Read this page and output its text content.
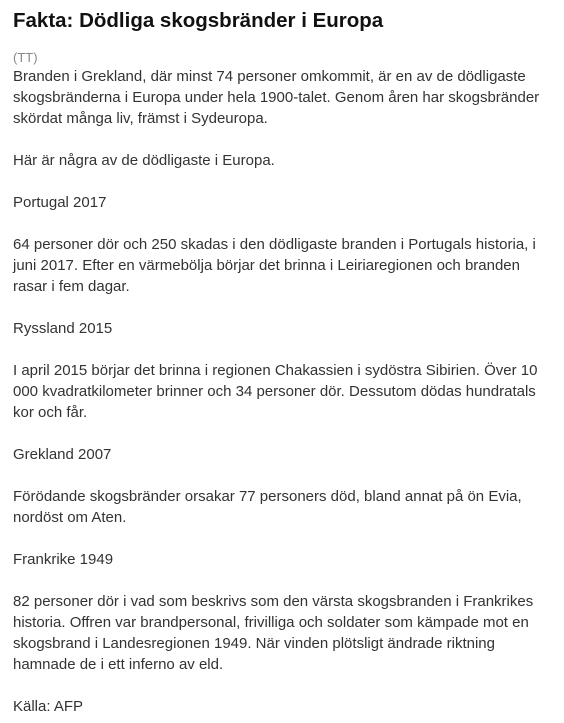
Fakta: Dödliga skogsbränder i Europa
(TT)

Branden i Grekland, där minst 74 personer omkommit, är en av de dödligaste skogsbränderna i Europa under hela 1900-talet. Genom åren har skogsbränder skördat många liv, främst i Sydeuropa.

Här är några av de dödligaste i Europa.

Portugal 2017

64 personer dör och 250 skadas i den dödligaste branden i Portugals historia, i juni 2017. Efter en värmebölja börjar det brinna i Leiriaregionen och branden rasar i fem dagar.

Ryssland 2015

I april 2015 börjar det brinna i regionen Chakassien i sydöstra Sibirien. Över 10 000 kvadratkilometer brinner och 34 personer dör. Dessutom dödas hundratals kor och får.

Grekland 2007

Förödande skogsbränder orsakar 77 personers död, bland annat på ön Evia, nordöst om Aten.

Frankrike 1949

82 personer dör i vad som beskrivs som den värsta skogsbranden i Frankrikes historia. Offren var brandpersonal, frivilliga och soldater som kämpade mot en skogsbrand i Landesregionen 1949. När vinden plötsligt ändrade riktning hamnade de i ett inferno av eld.

Källa: AFP
